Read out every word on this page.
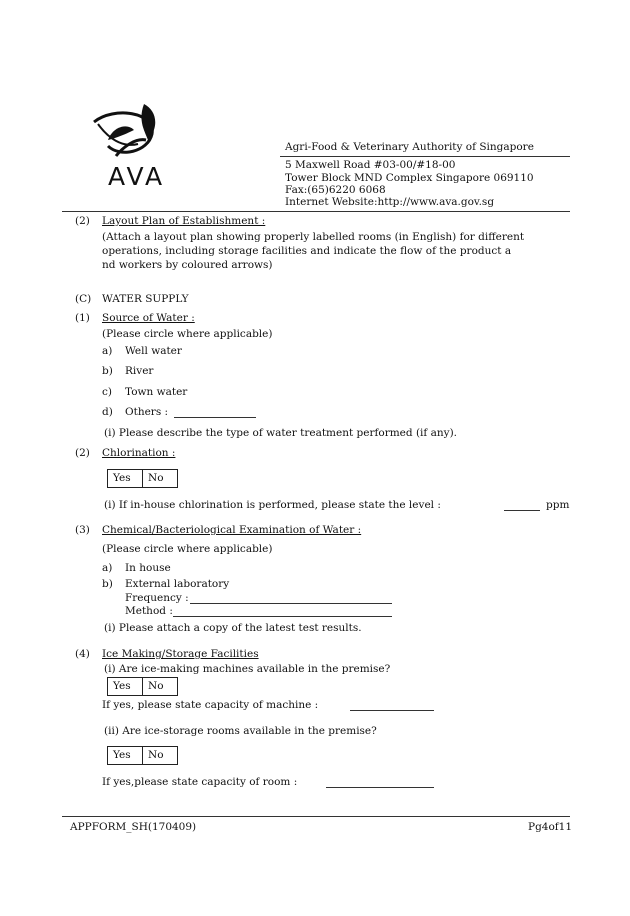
AVA
Agri-Food & Veterinary Authority of Singapore
5 Maxwell Road #03-00/#18-00
Tower Block MND Complex Singapore 069110
Fax:(65)6220 6068
Internet Website:http://www.ava.gov.sg
(2) Layout Plan of Establishment :
(Attach a layout plan showing properly labelled rooms (in English) for different
operations, including storage facilities and indicate the flow of the product a
nd workers by coloured arrows)
(C) WATER SUPPLY
(1) Source of Water :
(Please circle where applicable)
a) Well water
b) River
c) Town water
d) Others :
(i) Please describe the type of water treatment performed (if any).
(2) Chlorination :
Yes	No
(i) If in-house chlorination is performed, please state the level :	ppm
(3) Chemical/Bacteriological Examination of Water :
(Please circle where applicable)
a) In house
b) External laboratory
Frequency :
Method :
(i) Please attach a copy of the latest test results.
(4) Ice Making/Storage Facilities
(i) Are ice-making machines available in the premise?
Yes	No
If yes, please state capacity of machine :
(ii) Are ice-storage rooms available in the premise?
Yes	No
If yes,please state capacity of room :
APPFORM_SH(170409)	Pg4of11
